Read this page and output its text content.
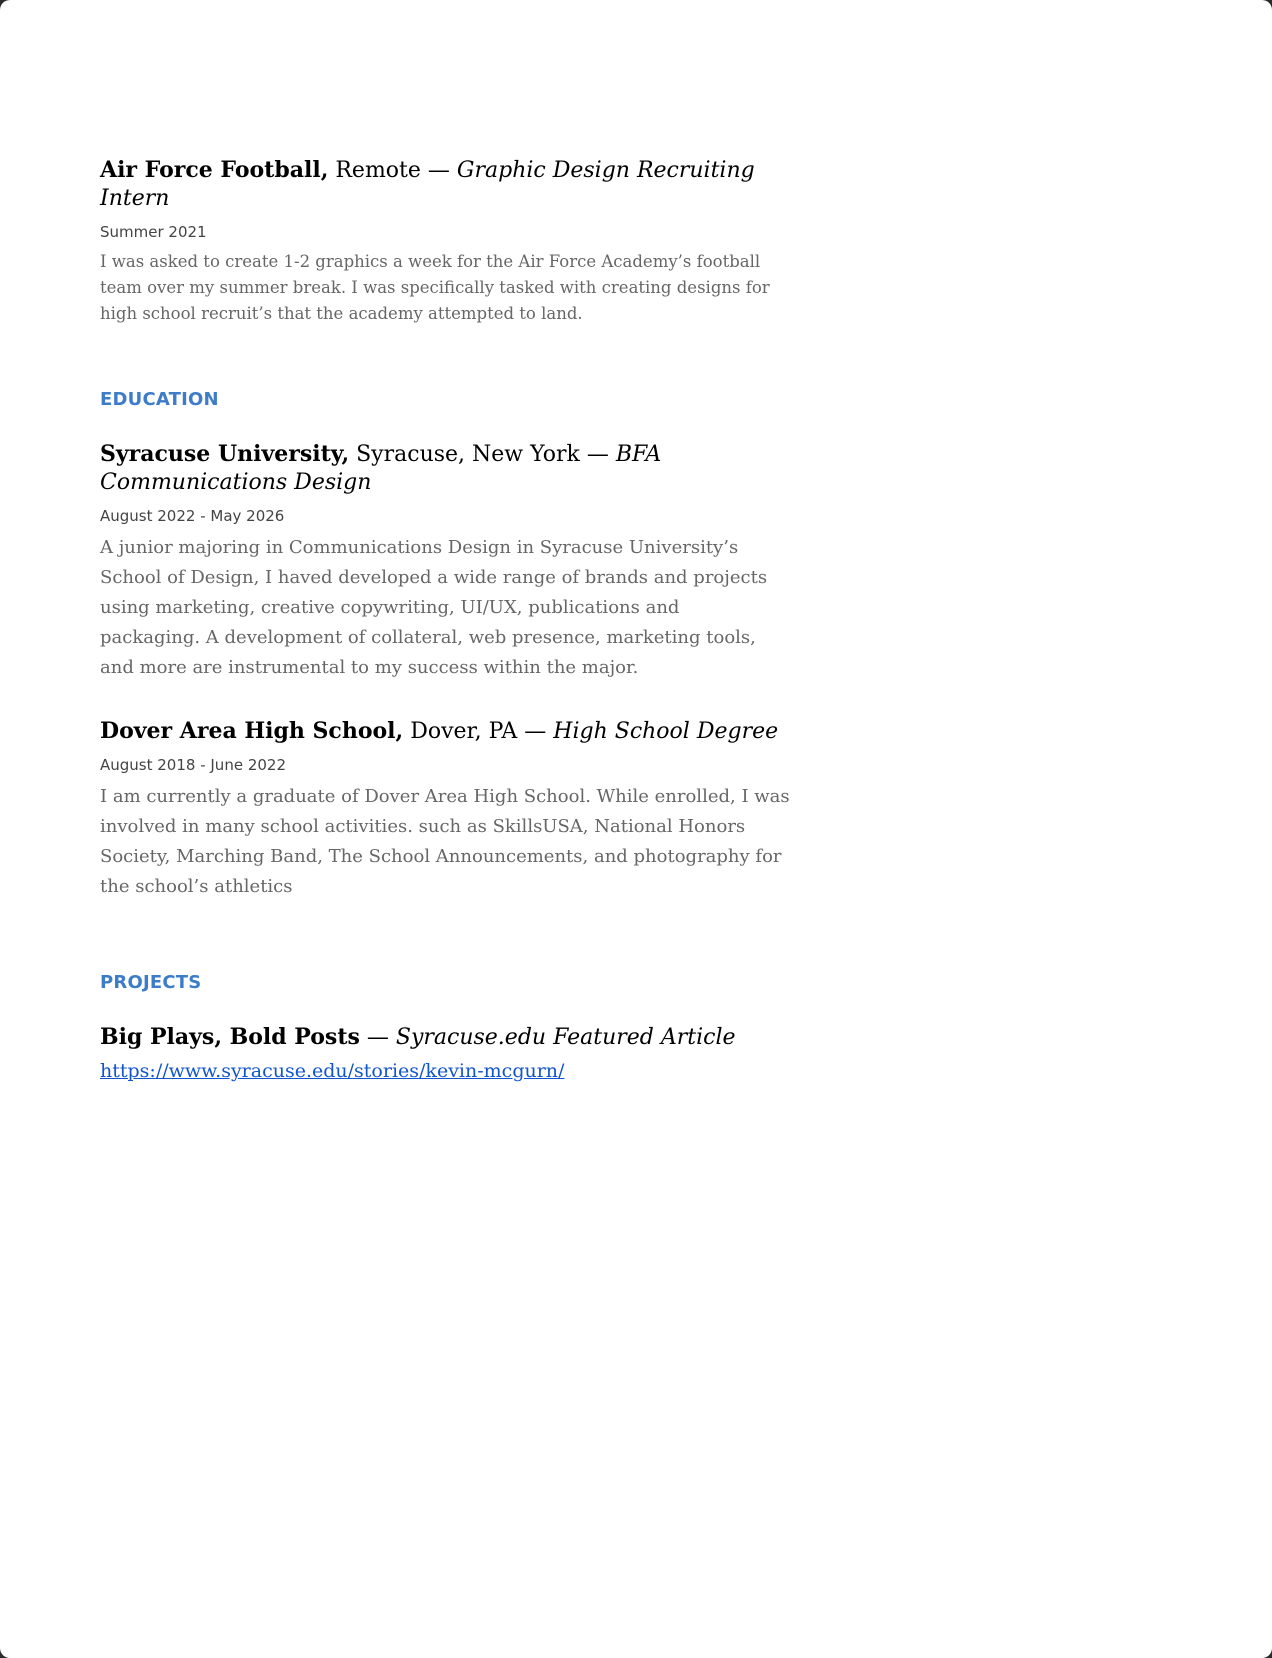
Air Force Football, Remote — Graphic Design Recruiting Intern

Summer 2021

I was asked to create 1-2 graphics a week for the Air Force Academy’s football team over my summer break. I was specifically tasked with creating designs for high school recruit’s that the academy attempted to land.

EDUCATION

Syracuse University, Syracuse, New York — BFA Communications Design

August 2022 - May 2026

A junior majoring in Communications Design in Syracuse University’s School of Design, I haved developed a wide range of brands and projects using marketing, creative copywriting, UI/UX, publications and packaging. A development of collateral, web presence, marketing tools, and more are instrumental to my success within the major.

Dover Area High School, Dover, PA — High School Degree

August 2018 - June 2022

I am currently a graduate of Dover Area High School. While enrolled, I was involved in many school activities. such as SkillsUSA, National Honors Society, Marching Band, The School Announcements, and photography for the school’s athletics

PROJECTS

Big Plays, Bold Posts — Syracuse.edu Featured Article

https://www.syracuse.edu/stories/kevin-mcgurn/
